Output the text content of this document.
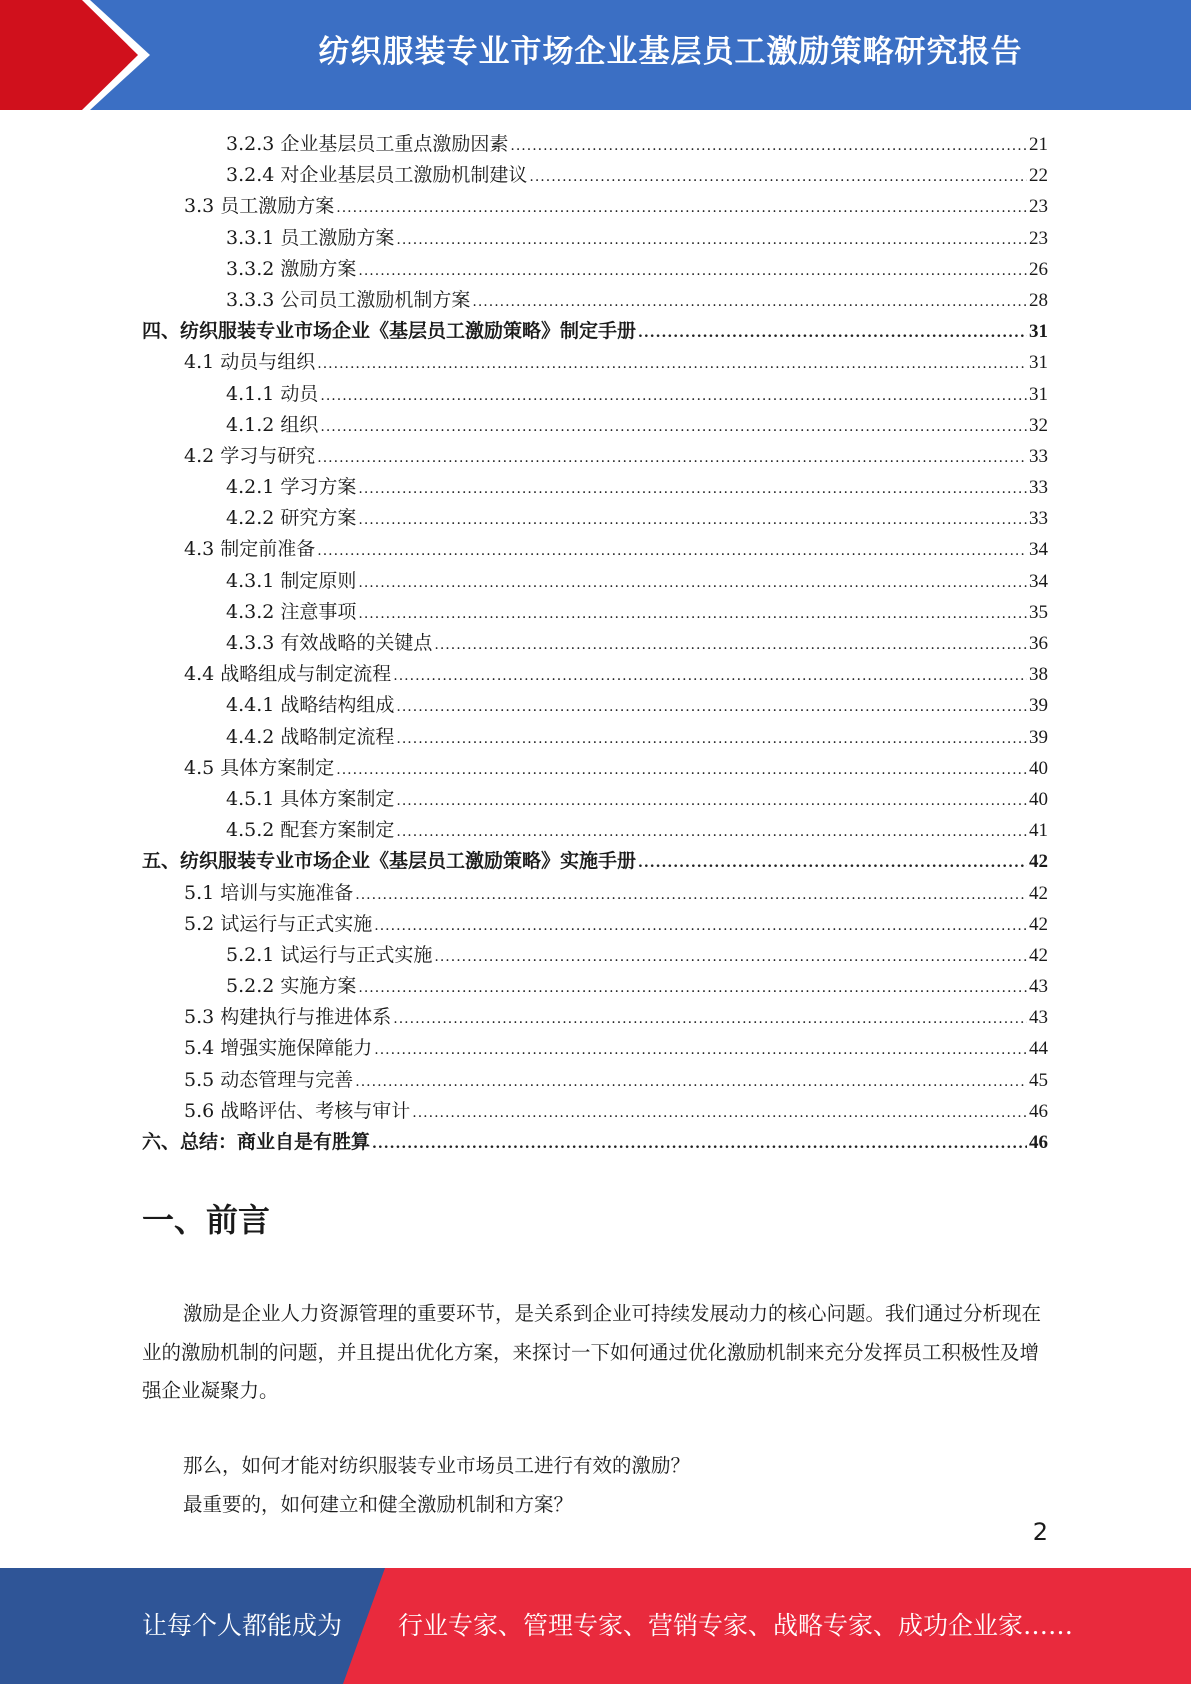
纺织服装专业市场企业基层员工激励策略研究报告
3.2.3 企业基层员工重点激励因素 .....	21
3.2.4 对企业基层员工激励机制建议 .....	22
3.3 员工激励方案 .....	23
3.3.1 员工激励方案 .....	23
3.3.2 激励方案 .....	26
3.3.3 公司员工激励机制方案 .....	28
四、纺织服装专业市场企业《基层员工激励策略》制定手册 .....	31
4.1 动员与组织 .....	31
4.1.1 动员 .....	31
4.1.2 组织 .....	32
4.2 学习与研究 .....	33
4.2.1 学习方案 .....	33
4.2.2 研究方案 .....	33
4.3 制定前准备 .....	34
4.3.1 制定原则 .....	34
4.3.2 注意事项 .....	35
4.3.3 有效战略的关键点 .....	36
4.4 战略组成与制定流程 .....	38
4.4.1 战略结构组成 .....	39
4.4.2 战略制定流程 .....	39
4.5 具体方案制定 .....	40
4.5.1 具体方案制定 .....	40
4.5.2 配套方案制定 .....	41
五、纺织服装专业市场企业《基层员工激励策略》实施手册 .....	42
5.1 培训与实施准备 .....	42
5.2 试运行与正式实施 .....	42
5.2.1 试运行与正式实施 .....	42
5.2.2 实施方案 .....	43
5.3 构建执行与推进体系 .....	43
5.4 增强实施保障能力 .....	44
5.5 动态管理与完善 .....	45
5.6 战略评估、考核与审计 .....	46
六、总结：商业自是有胜算 .....	46
一、前言

激励是企业人力资源管理的重要环节，是关系到企业可持续发展动力的核心问题。我们通过分析现在业的激励机制的问题，并且提出优化方案，来探讨一下如何通过优化激励机制来充分发挥员工积极性及增强企业凝聚力。

那么，如何才能对纺织服装专业市场员工进行有效的激励？

最重要的，如何建立和健全激励机制和方案？

2
让每个人都能成为 行业专家、管理专家、营销专家、战略专家、成功企业家……
